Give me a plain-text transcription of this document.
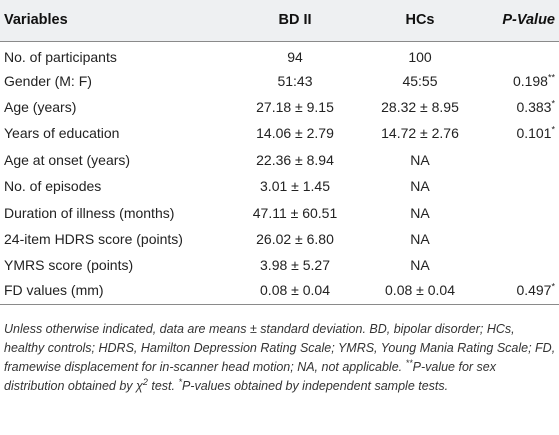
Variables	BD II	HCs	P-Value
No. of participants	94	100	
Gender (M: F)	51:43	45:55	0.198**
Age (years)	27.18 ± 9.15	28.32 ± 8.95	0.383*
Years of education	14.06 ± 2.79	14.72 ± 2.76	0.101*
Age at onset (years)	22.36 ± 8.94	NA	
No. of episodes	3.01 ± 1.45	NA	
Duration of illness (months)	47.11 ± 60.51	NA	
24-item HDRS score (points)	26.02 ± 6.80	NA	
YMRS score (points)	3.98 ± 5.27	NA	
FD values (mm)	0.08 ± 0.04	0.08 ± 0.04	0.497*

Unless otherwise indicated, data are means ± standard deviation. BD, bipolar disorder; HCs, healthy controls; HDRS, Hamilton Depression Rating Scale; YMRS, Young Mania Rating Scale; FD, framewise displacement for in-scanner head motion; NA, not applicable. **P-value for sex distribution obtained by $\chi^2$ test. *P-values obtained by independent sample tests.
